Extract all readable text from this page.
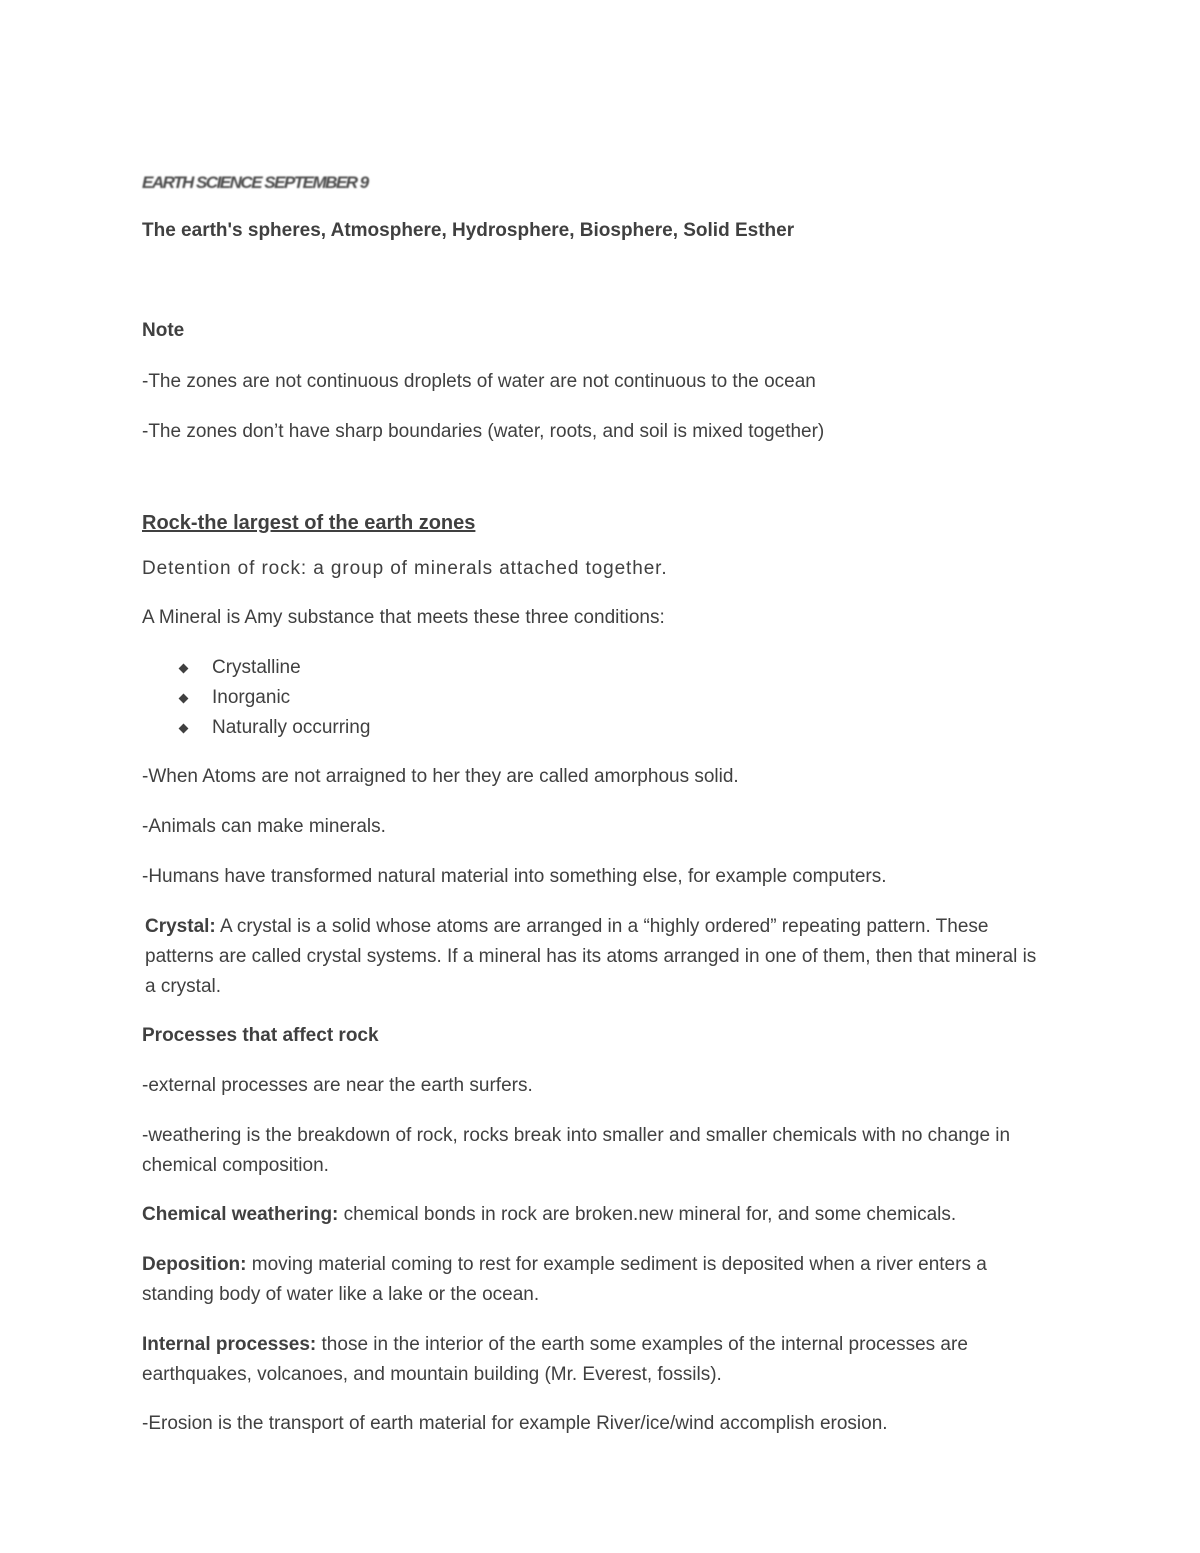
EARTH SCIENCE SEPTEMBER 9

The earth's spheres, Atmosphere, Hydrosphere, Biosphere, Solid Esther

Note

-The zones are not continuous droplets of water are not continuous to the ocean

-The zones don’t have sharp boundaries (water, roots, and soil is mixed together)

Rock-the largest of the earth zones

Detention of rock: a group of minerals attached together.

A Mineral is Amy substance that meets these three conditions:

Crystalline
Inorganic
Naturally occurring

-When Atoms are not arraigned to her they are called amorphous solid.

-Animals can make minerals.

-Humans have transformed natural material into something else, for example computers.

Crystal: A crystal is a solid whose atoms are arranged in a “highly ordered” repeating pattern. These patterns are called crystal systems. If a mineral has its atoms arranged in one of them, then that mineral is a crystal.

Processes that affect rock

-external processes are near the earth surfers.

-weathering is the breakdown of rock, rocks break into smaller and smaller chemicals with no change in chemical composition.

Chemical weathering: chemical bonds in rock are broken.new mineral for, and some chemicals.

Deposition: moving material coming to rest for example sediment is deposited when a river enters a standing body of water like a lake or the ocean.

Internal processes: those in the interior of the earth some examples of the internal processes are earthquakes, volcanoes, and mountain building (Mr. Everest, fossils).

-Erosion is the transport of earth material for example River/ice/wind accomplish erosion.
